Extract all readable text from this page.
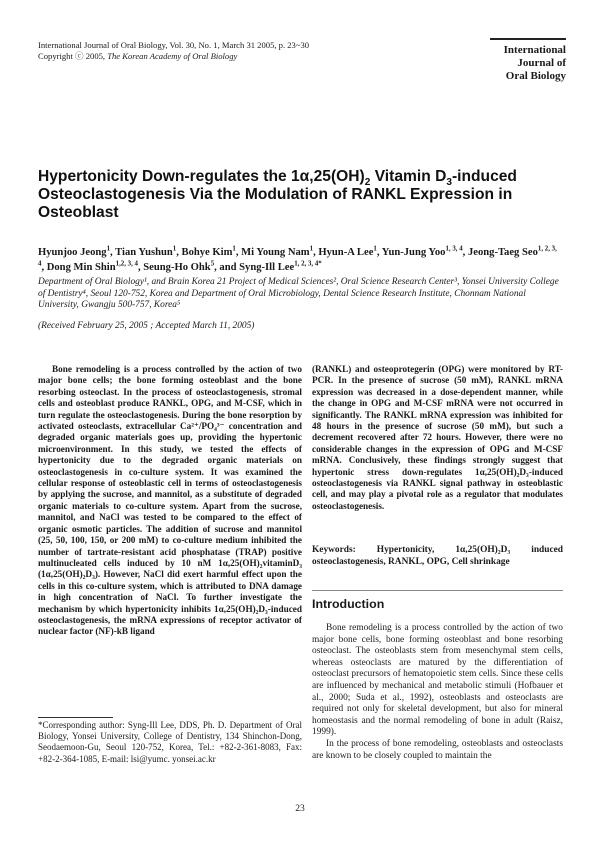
International Journal of Oral Biology, Vol. 30, No. 1, March 31 2005, p. 23~30
Copyright ⓒ 2005, The Korean Academy of Oral Biology	International
Journal of
Oral Biology
Hypertonicity Down-regulates the $1\alpha,25(OH)_2$ Vitamin $D_3$-induced Osteoclastogenesis Via the Modulation of RANKL Expression in Osteoblast
Hyunjoo Jeong$^1$, Tian Yushun$^1$, Bohye Kim$^1$, Mi Young Nam$^1$, Hyun-A Lee$^1$, Yun-Jung Yoo$^{1, 3, 4}$, Jeong-Taeg Seo$^{1, 2, 3, 4}$, Dong Min Shin$^{1,2, 3, 4}$, Seung-Ho Ohk$^5$, and Syng-Ill Lee$^{1, 2, 3, 4*}$
Department of Oral Biology¹, and Brain Korea 21 Project of Medical Sciences², Oral Science Research Center³, Yonsei University College of Dentistry⁴, Seoul 120-752, Korea and Department of Oral Microbiology, Dental Science Research Institute, Chonnam National University, Gwangju 500-757, Korea⁵
(Received February 25, 2005 ; Accepted March 11, 2005)
Bone remodeling is a process controlled by the action of two major bone cells; the bone forming osteoblast and the bone resorbing osteoclast. In the process of osteoclastogenesis, stromal cells and osteoblast produce RANKL, OPG, and M-CSF, which in turn regulate the osteoclastogenesis. During the bone resorption by activated osteoclasts, extracellular Ca²⁺/PO₄³⁻ concentration and degraded organic materials goes up, providing the hypertonic microenvironment. In this study, we tested the effects of hypertonicity due to the degraded organic materials on osteoclastogenesis in co-culture system. It was examined the cellular response of osteoblastic cell in terms of osteoclastogenesis by applying the sucrose, and mannitol, as a substitute of degraded organic materials to co-culture system. Apart from the sucrose, mannitol, and NaCl was tested to be compared to the effect of organic osmotic particles. The addition of sucrose and mannitol (25, 50, 100, 150, or 200 mM) to co-culture medium inhibited the number of tartrate-resistant acid phosphatase (TRAP) positive multinucleated cells induced by 10 nM 1α,25(OH)₂vitaminD₃ (1α,25(OH)₂D₃). However, NaCl did exert harmful effect upon the cells in this co-culture system, which is attributed to DNA damage in high concentration of NaCl. To further investigate the mechanism by which hypertonicity inhibits 1α,25(OH)₂D₃-induced osteoclastogenesis, the mRNA expressions of receptor activator of nuclear factor (NF)-kB ligand
(RANKL) and osteoprotegerin (OPG) were monitored by RT-PCR. In the presence of sucrose (50 mM), RANKL mRNA expression was decreased in a dose-dependent manner, while the change in OPG and M-CSF mRNA were not occurred in significantly. The RANKL mRNA expression was inhibited for 48 hours in the presence of sucrose (50 mM), but such a decrement recovered after 72 hours. However, there were no considerable changes in the expression of OPG and M-CSF mRNA. Conclusively, these findings strongly suggest that hypertonic stress down-regulates 1α,25(OH)₂D₃-induced osteoclastogenesis via RANKL signal pathway in osteoblastic cell, and may play a pivotal role as a regulator that modulates osteoclastogenesis.
Keywords: Hypertonicity, 1α,25(OH)₂D₃ induced osteoclastogenesis, RANKL, OPG, Cell shrinkage
Introduction

Bone remodeling is a process controlled by the action of two major bone cells, bone forming osteoblast and bone resorbing osteoclast. The osteoblasts stem from mesenchymal stem cells, whereas osteoclasts are matured by the differentiation of osteoclast precursors of hematopoietic stem cells. Since these cells are influenced by mechanical and metabolic stimuli (Hofbauer et al., 2000; Suda et al., 1992), osteoblasts and osteoclasts are required not only for skeletal development, but also for mineral homeostasis and the normal remodeling of bone in adult (Raisz, 1999).

In the process of bone remodeling, osteoblasts and osteoclasts are known to be closely coupled to maintain the

*Corresponding author: Syng-Ill Lee, DDS, Ph. D. Department of Oral Biology, Yonsei University, College of Dentistry, 134 Shinchon-Dong, Seodaemoon-Gu, Seoul 120-752, Korea, Tel.: +82-2-361-8083, Fax: +82-2-364-1085, E-mail: lsi@yumc. yonsei.ac.kr
23
